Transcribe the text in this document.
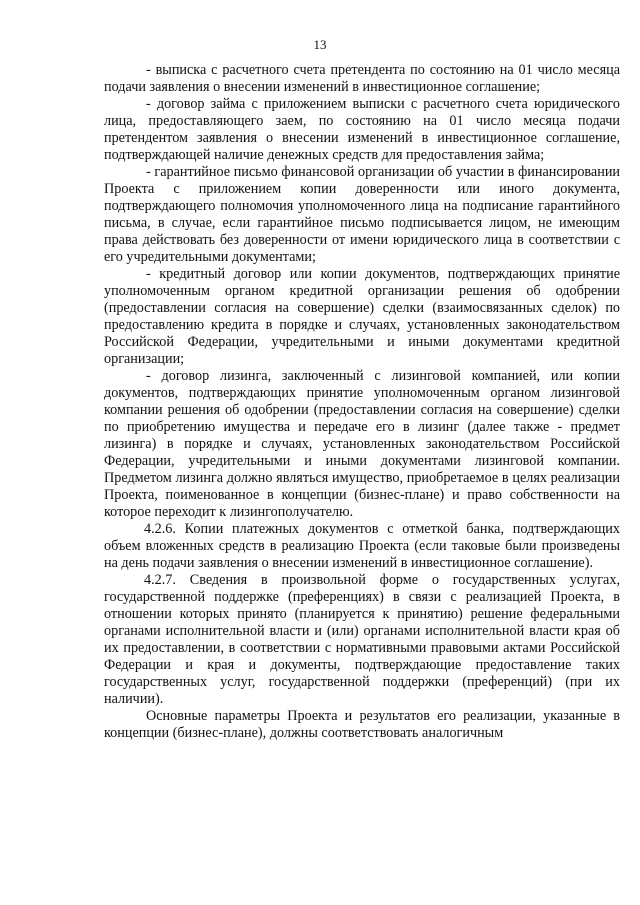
13

- выписка с расчетного счета претендента по состоянию на 01 число месяца подачи заявления о внесении изменений в инвестиционное соглашение;

- договор займа с приложением выписки с расчетного счета юридического лица, предоставляющего заем, по состоянию на 01 число месяца подачи претендентом заявления о внесении изменений в инвестиционное соглашение, подтверждающей наличие денежных средств для предоставления займа;

- гарантийное письмо финансовой организации об участии в финансировании Проекта с приложением копии доверенности или иного документа, подтверждающего полномочия уполномоченного лица на подписание гарантийного письма, в случае, если гарантийное письмо подписывается лицом, не имеющим права действовать без доверенности от имени юридического лица в соответствии с его учредительными документами;

- кредитный договор или копии документов, подтверждающих принятие уполномоченным органом кредитной организации решения об одобрении (предоставлении согласия на совершение) сделки (взаимосвязанных сделок) по предоставлению кредита в порядке и случаях, установленных законодательством Российской Федерации, учредительными и иными документами кредитной организации;

- договор лизинга, заключенный с лизинговой компанией, или копии документов, подтверждающих принятие уполномоченным органом лизинговой компании решения об одобрении (предоставлении согласия на совершение) сделки по приобретению имущества и передаче его в лизинг (далее также - предмет лизинга) в порядке и случаях, установленных законодательством Российской Федерации, учредительными и иными документами лизинговой компании. Предметом лизинга должно являться имущество, приобретаемое в целях реализации Проекта, поименованное в концепции (бизнес-плане) и право собственности на которое переходит к лизингополучателю.

4.2.6. Копии платежных документов с отметкой банка, подтверждающих объем вложенных средств в реализацию Проекта (если таковые были произведены на день подачи заявления о внесении изменений в инвестиционное соглашение).

4.2.7. Сведения в произвольной форме о государственных услугах, государственной поддержке (преференциях) в связи с реализацией Проекта, в отношении которых принято (планируется к принятию) решение федеральными органами исполнительной власти и (или) органами исполнительной власти края об их предоставлении, в соответствии с нормативными правовыми актами Российской Федерации и края и документы, подтверждающие предоставление таких государственных услуг, государственной поддержки (преференций) (при их наличии).

Основные параметры Проекта и результатов его реализации, указанные в концепции (бизнес-плане), должны соответствовать аналогичным
